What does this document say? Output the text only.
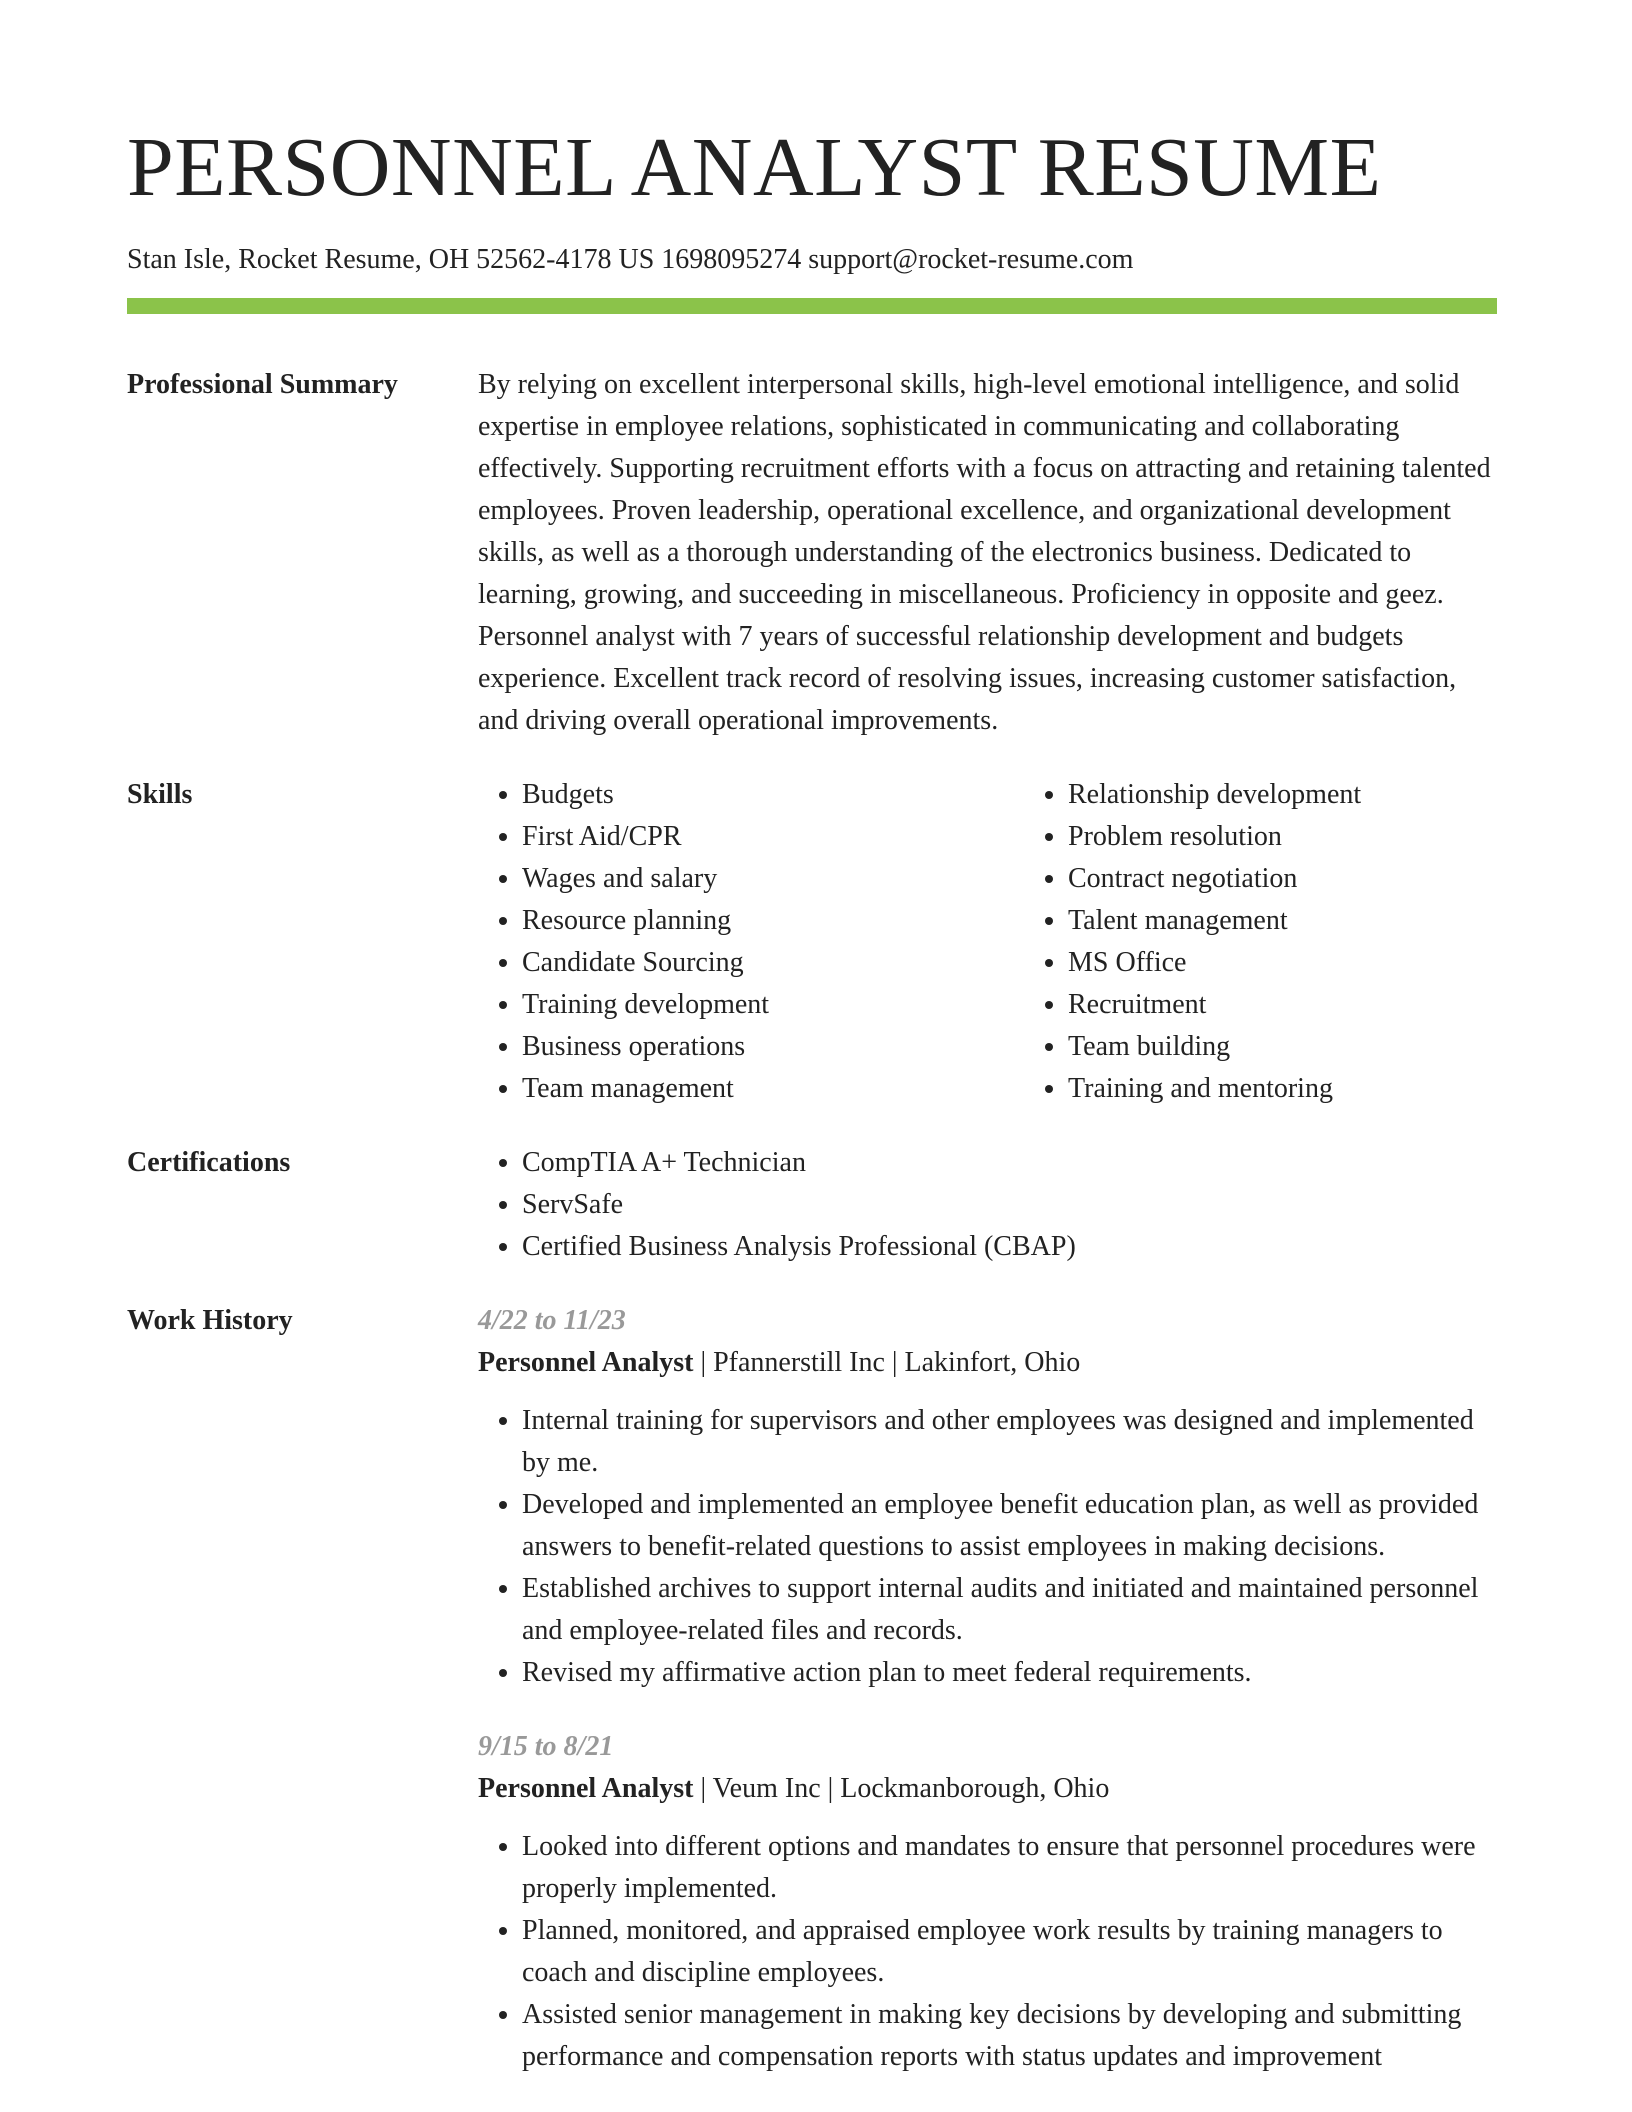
PERSONNEL ANALYST RESUME
Stan Isle, Rocket Resume, OH 52562-4178 US 1698095274 support@rocket-resume.com
Professional Summary	By relying on excellent interpersonal skills, high-level emotional intelligence, and solid expertise in employee relations, sophisticated in communicating and collaborating effectively. Supporting recruitment efforts with a focus on attracting and retaining talented employees. Proven leadership, operational excellence, and organizational development skills, as well as a thorough understanding of the electronics business. Dedicated to learning, growing, and succeeding in miscellaneous. Proficiency in opposite and geez. Personnel analyst with 7 years of successful relationship development and budgets experience. Excellent track record of resolving issues, increasing customer satisfaction, and driving overall operational improvements.

Skills	• Budgets
• First Aid/CPR
• Wages and salary
• Resource planning
• Candidate Sourcing
• Training development
• Business operations
• Team management
• Relationship development
• Problem resolution
• Contract negotiation
• Talent management
• MS Office
• Recruitment
• Team building
• Training and mentoring
Certifications	• CompTIA A+ Technician
• ServSafe
• Certified Business Analysis Professional (CBAP)
Work History	4/22 to 11/23
Personnel Analyst | Pfannerstill Inc | Lakinfort, Ohio
• Internal training for supervisors and other employees was designed and implemented by me.
• Developed and implemented an employee benefit education plan, as well as provided answers to benefit-related questions to assist employees in making decisions.
• Established archives to support internal audits and initiated and maintained personnel and employee-related files and records.
• Revised my affirmative action plan to meet federal requirements.
9/15 to 8/21
Personnel Analyst | Veum Inc | Lockmanborough, Ohio
• Looked into different options and mandates to ensure that personnel procedures were properly implemented.
• Planned, monitored, and appraised employee work results by training managers to coach and discipline employees.
• Assisted senior management in making key decisions by developing and submitting performance and compensation reports with status updates and improvement
